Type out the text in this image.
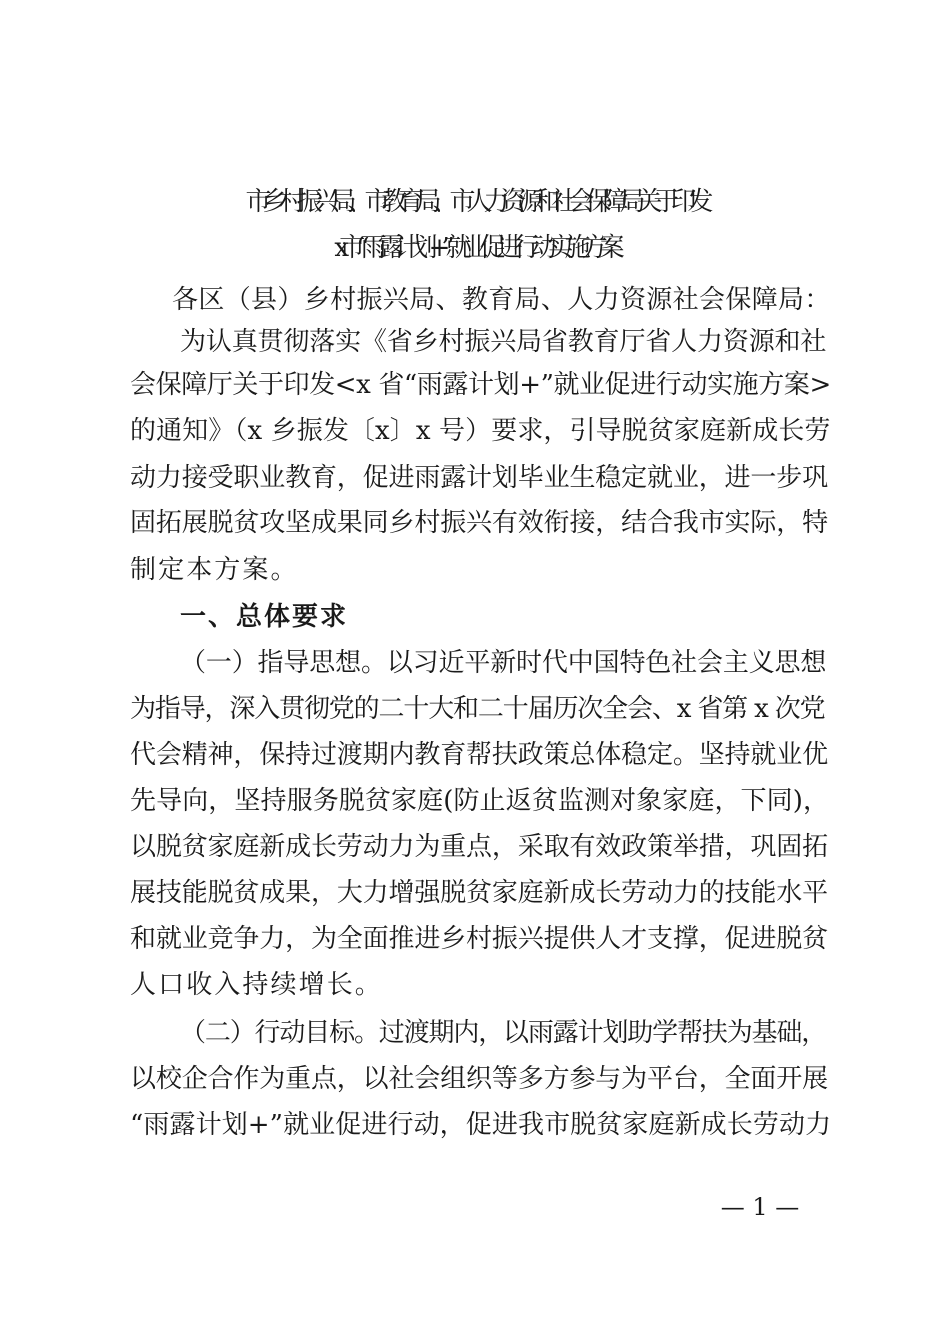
市乡村振兴局、市教育局、市人力资源和社会保障局关于印发
x 市“雨露计划+”就业促进行动实施方案
各区（县）乡村振兴局、教育局、人力资源社会保障局：
为认真贯彻落实《省乡村振兴局省教育厅省人力资源和社
会保障厅关于印发<x 省“雨露计划+”就业促进行动实施方案>
的通知》（x 乡振发〔x〕x 号）要求，引导脱贫家庭新成长劳
动力接受职业教育，促进雨露计划毕业生稳定就业，进一步巩
固拓展脱贫攻坚成果同乡村振兴有效衔接，结合我市实际，特
制定本方案。
一、总体要求
（一）指导思想。以习近平新时代中国特色社会主义思想
为指导，深入贯彻党的二十大和二十届历次全会、x 省第 x 次党
代会精神，保持过渡期内教育帮扶政策总体稳定。坚持就业优
先导向，坚持服务脱贫家庭(防止返贫监测对象家庭，下同)，
以脱贫家庭新成长劳动力为重点，采取有效政策举措，巩固拓
展技能脱贫成果，大力增强脱贫家庭新成长劳动力的技能水平
和就业竞争力，为全面推进乡村振兴提供人才支撑，促进脱贫
人口收入持续增长。
（二）行动目标。过渡期内，以雨露计划助学帮扶为基础，
以校企合作为重点，以社会组织等多方参与为平台，全面开展
“雨露计划+”就业促进行动，促进我市脱贫家庭新成长劳动力
— 1 —
